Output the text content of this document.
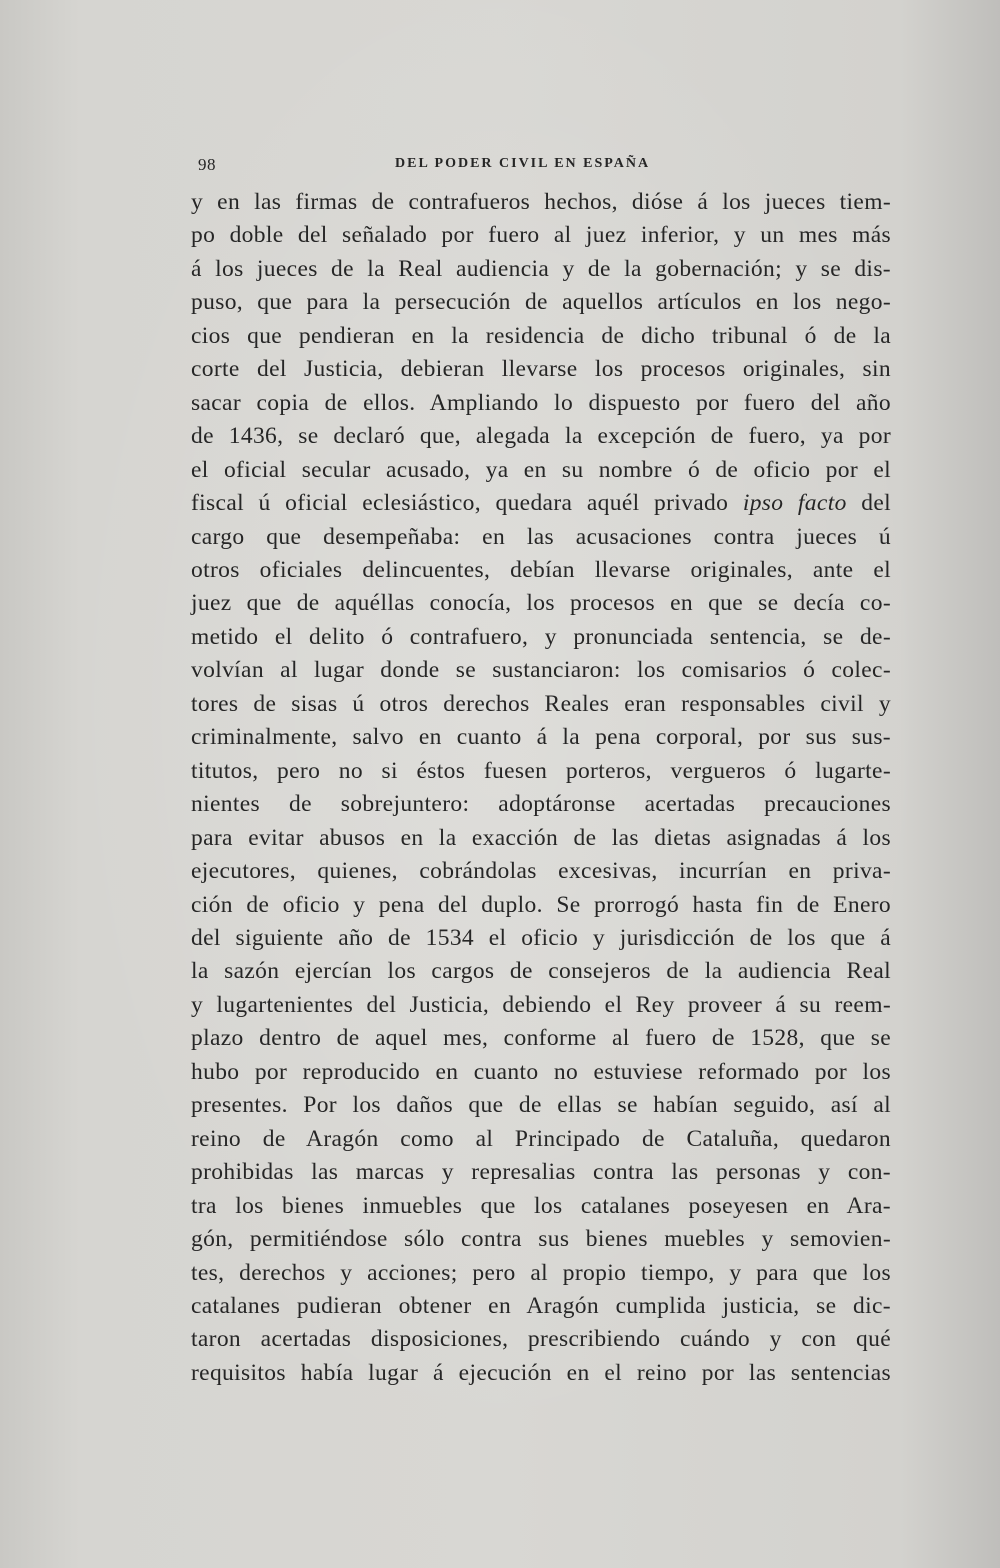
98	DEL PODER CIVIL EN ESPAÑA
y en las firmas de contrafueros hechos, dióse á los jueces tiem-
po doble del señalado por fuero al juez inferior, y un mes más
á los jueces de la Real audiencia y de la gobernación; y se dis-
puso, que para la persecución de aquellos artículos en los nego-
cios que pendieran en la residencia de dicho tribunal ó de la
corte del Justicia, debieran llevarse los procesos originales, sin
sacar copia de ellos. Ampliando lo dispuesto por fuero del año
de 1436, se declaró que, alegada la excepción de fuero, ya por
el oficial secular acusado, ya en su nombre ó de oficio por el
fiscal ú oficial eclesiástico, quedara aquél privado ipso facto del
cargo que desempeñaba: en las acusaciones contra jueces ú
otros oficiales delincuentes, debían llevarse originales, ante el
juez que de aquéllas conocía, los procesos en que se decía co-
metido el delito ó contrafuero, y pronunciada sentencia, se de-
volvían al lugar donde se sustanciaron: los comisarios ó colec-
tores de sisas ú otros derechos Reales eran responsables civil y
criminalmente, salvo en cuanto á la pena corporal, por sus sus-
titutos, pero no si éstos fuesen porteros, vergueros ó lugarte-
nientes de sobrejuntero: adoptáronse acertadas precauciones
para evitar abusos en la exacción de las dietas asignadas á los
ejecutores, quienes, cobrándolas excesivas, incurrían en priva-
ción de oficio y pena del duplo. Se prorrogó hasta fin de Enero
del siguiente año de 1534 el oficio y jurisdicción de los que á
la sazón ejercían los cargos de consejeros de la audiencia Real
y lugartenientes del Justicia, debiendo el Rey proveer á su reem-
plazo dentro de aquel mes, conforme al fuero de 1528, que se
hubo por reproducido en cuanto no estuviese reformado por los
presentes. Por los daños que de ellas se habían seguido, así al
reino de Aragón como al Principado de Cataluña, quedaron
prohibidas las marcas y represalias contra las personas y con-
tra los bienes inmuebles que los catalanes poseyesen en Ara-
gón, permitiéndose sólo contra sus bienes muebles y semovien-
tes, derechos y acciones; pero al propio tiempo, y para que los
catalanes pudieran obtener en Aragón cumplida justicia, se dic-
taron acertadas disposiciones, prescribiendo cuándo y con qué
requisitos había lugar á ejecución en el reino por las sentencias
